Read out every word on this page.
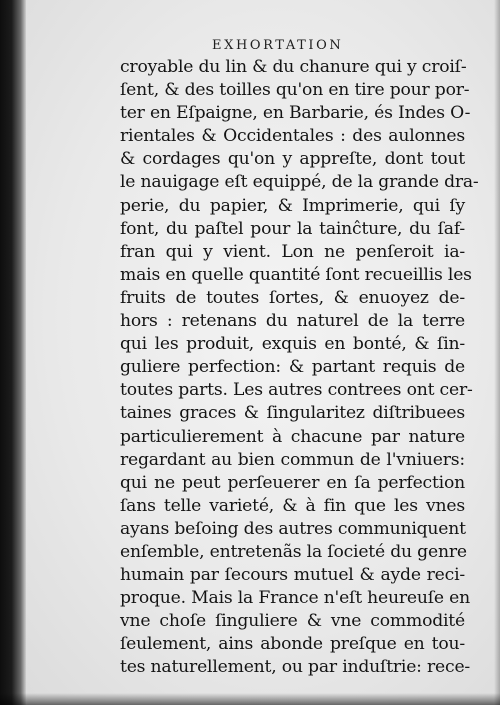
EXHORTATION
croyable du lin & du chanure qui y croiſ-
ſent, & des toilles qu'on en tire pour por-
ter en Eſpaigne, en Barbarie, és Indes O-
rientales & Occidentales : des aulonnes
& cordages qu'on y appreſte, dont tout
le nauigage eſt equippé, de la grande dra-
perie, du papier, & Imprimerie, qui ſy
font, du paſtel pour la tainĉture, du ſaf-
fran qui y vient. Lon ne penſeroit ia-
mais en quelle quantité ſont recueillis les
fruits de toutes ſortes, & enuoyez de-
hors : retenans du naturel de la terre
qui les produit, exquis en bonté, & ſin-
guliere perfection: & partant requis de
toutes parts. Les autres contrees ont cer-
taines graces & ſingularitez diſtribuees
particulierement à chacune par nature
regardant au bien commun de l'vniuers:
qui ne peut perſeuerer en ſa perfection
ſans telle varieté, & à fin que les vnes
ayans beſoing des autres communiquent
enſemble, entretenãs la ſocieté du genre
humain par ſecours mutuel & ayde reci-
proque. Mais la France n'eſt heureuſe en
vne choſe ſinguliere & vne commodité
ſeulement, ains abonde preſque en tou-
tes naturellement, ou par induſtrie: rece-
